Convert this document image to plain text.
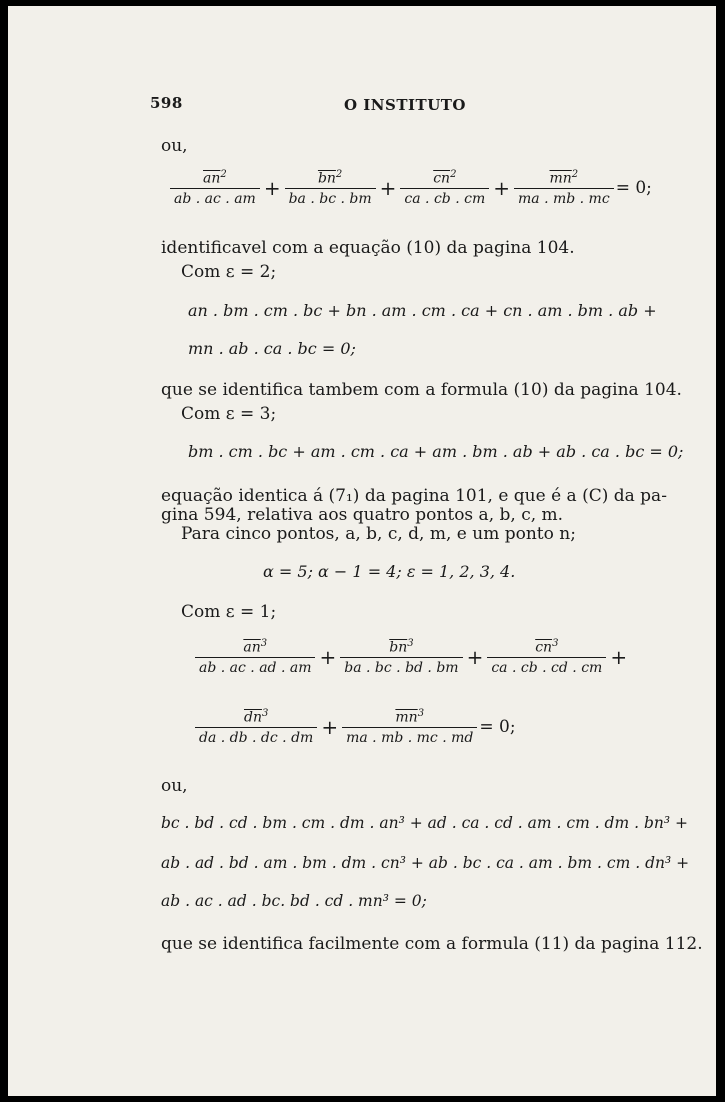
598	O INSTITUTO
ou,
$\frac{\overline{an}^2}{ab . ac . am} + \frac{\overline{bn}^2}{ba . bc . bm} + \frac{\overline{cn}^2}{ca . cb . cm} + \frac{\overline{mn}^2}{ma . mb . mc} = 0$;
identificavel com a equação (10) da pagina 104.
Com ε = 2;
an . bm . cm . bc + bn . am . cm . ca + cn . am . bm . ab +
mn . ab . ca . bc = 0;
que se identifica tambem com a formula (10) da pagina 104.
Com ε = 3;
bm . cm . bc + am . cm . ca + am . bm . ab + ab . ca . bc = 0;
equação identica á (7₁) da pagina 101, e que é a (C) da pa-
gina 594, relativa aos quatro pontos a, b, c, m.
Para cinco pontos, a, b, c, d, m, e um ponto n;
α = 5; α − 1 = 4; ε = 1, 2, 3, 4.
Com ε = 1;
$\frac{\overline{an}^3}{ab . ac . ad . am} + \frac{\overline{bn}^3}{ba . bc . bd . bm} + \frac{\overline{cn}^3}{ca . cb . cd . cm}$ +
$\frac{\overline{dn}^3}{da . db . dc . dm} + \frac{\overline{mn}^3}{ma . mb . mc . md} = 0$;
ou,
bc . bd . cd . bm . cm . dm . an³ + ad . ca . cd . am . cm . dm . bn³ +
ab . ad . bd . am . bm . dm . cn³ + ab . bc . ca . am . bm . cm . dn³ +
ab . ac . ad . bc. bd . cd . mn³ = 0;
que se identifica facilmente com a formula (11) da pagina 112.
